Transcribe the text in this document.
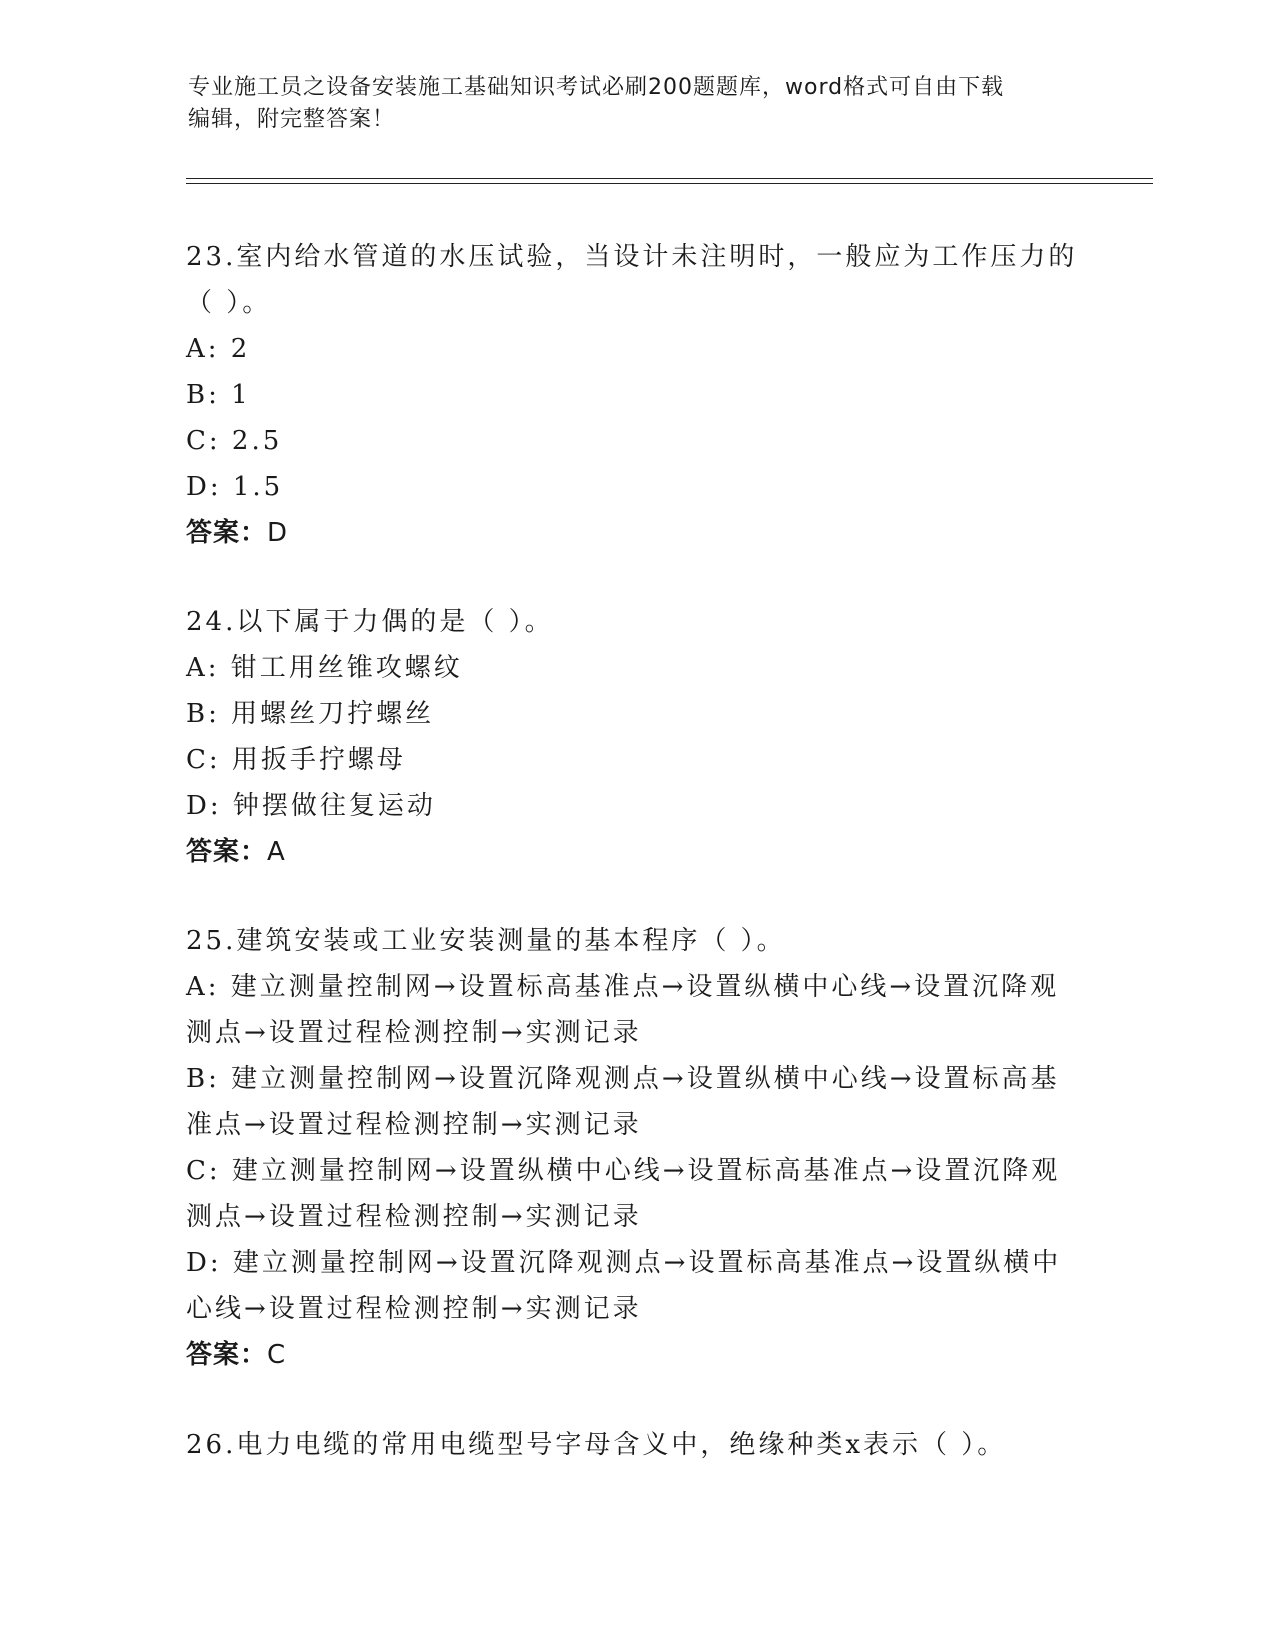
专业施工员之设备安装施工基础知识考试必刷200题题库，word格式可自由下载
编辑，附完整答案！

23.室内给水管道的水压试验，当设计未注明时，一般应为工作压力的

（ ）。

A: 2

B: 1

C: 2.5

D: 1.5

答案：D

24.以下属于力偶的是（ ）。

A: 钳工用丝锥攻螺纹

B: 用螺丝刀拧螺丝

C: 用扳手拧螺母

D: 钟摆做往复运动

答案：A

25.建筑安装或工业安装测量的基本程序（ ）。

A: 建立测量控制网→设置标高基准点→设置纵横中心线→设置沉降观

测点→设置过程检测控制→实测记录

B: 建立测量控制网→设置沉降观测点→设置纵横中心线→设置标高基

准点→设置过程检测控制→实测记录

C: 建立测量控制网→设置纵横中心线→设置标高基准点→设置沉降观

测点→设置过程检测控制→实测记录

D: 建立测量控制网→设置沉降观测点→设置标高基准点→设置纵横中

心线→设置过程检测控制→实测记录

答案：C

26.电力电缆的常用电缆型号字母含义中，绝缘种类x表示（ ）。
